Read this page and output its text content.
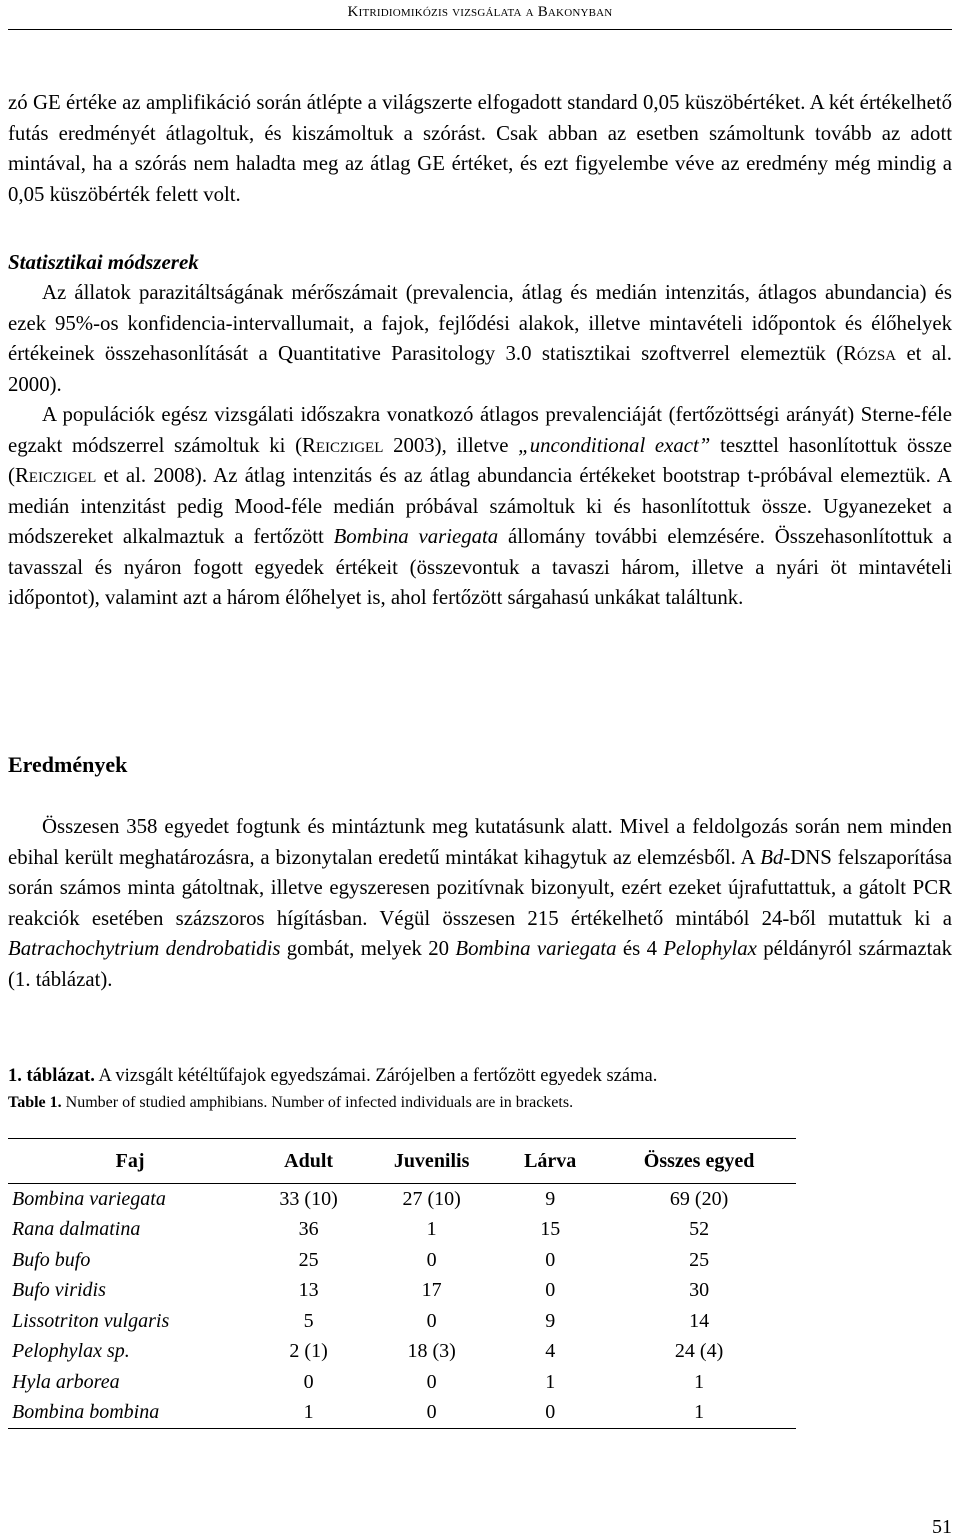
Kitridiomikózis vizsgálata a Bakonyban

zó GE értéke az amplifikáció során átlépte a világszerte elfogadott standard 0,05 küszöbértéket. A két értékelhető futás eredményét átlagoltuk, és kiszámoltuk a szórást. Csak abban az esetben számoltunk tovább az adott mintával, ha a szórás nem haladta meg az átlag GE értéket, és ezt figyelembe véve az eredmény még mindig a 0,05 küszöbérték felett volt.

Statisztikai módszerek

Az állatok parazitáltságának mérőszámait (prevalencia, átlag és medián intenzitás, átlagos abundancia) és ezek 95%-os konfidencia-intervallumait, a fajok, fejlődési alakok, illetve mintavételi időpontok és élőhelyek értékeinek összehasonlítását a Quantitative Parasitology 3.0 statisztikai szoftverrel elemeztük (Rózsa et al. 2000).

A populációk egész vizsgálati időszakra vonatkozó átlagos prevalenciáját (fertőzöttségi arányát) Sterne-féle egzakt módszerrel számoltuk ki (Reiczigel 2003), illetve „unconditional exact” teszttel hasonlítottuk össze (Reiczigel et al. 2008). Az átlag intenzitás és az átlag abundancia értékeket bootstrap t-próbával elemeztük. A medián intenzitást pedig Mood-féle medián próbával számoltuk ki és hasonlítottuk össze. Ugyanezeket a módszereket alkalmaztuk a fertőzött Bombina variegata állomány további elemzésére. Összehasonlítottuk a tavasszal és nyáron fogott egyedek értékeit (összevontuk a tavaszi három, illetve a nyári öt mintavételi időpontot), valamint azt a három élőhelyet is, ahol fertőzött sárgahasú unkákat találtunk.

Eredmények

Összesen 358 egyedet fogtunk és mintáztunk meg kutatásunk alatt. Mivel a feldolgozás során nem minden ebihal került meghatározásra, a bizonytalan eredetű mintákat kihagytuk az elemzésből. A Bd-DNS felszaporítása során számos minta gátoltnak, illetve egyszeresen pozitívnak bizonyult, ezért ezeket újrafuttattuk, a gátolt PCR reakciók esetében százszoros hígításban. Végül összesen 215 értékelhető mintából 24-ből mutattuk ki a Batrachochytrium dendrobatidis gombát, melyek 20 Bombina variegata és 4 Pelophylax példányról származtak (1. táblázat).

1. táblázat. A vizsgált kétéltűfajok egyedszámai. Zárójelben a fertőzött egyedek száma.

Table 1. Number of studied amphibians. Number of infected individuals are in brackets.

Faj	Adult	Juvenilis	Lárva	Összes egyed
Bombina variegata	33 (10)	27 (10)	9	69 (20)
Rana dalmatina	36	1	15	52
Bufo bufo	25	0	0	25
Bufo viridis	13	17	0	30
Lissotriton vulgaris	5	0	9	14
Pelophylax sp.	2 (1)	18 (3)	4	24 (4)
Hyla arborea	0	0	1	1
Bombina bombina	1	0	0	1
51
